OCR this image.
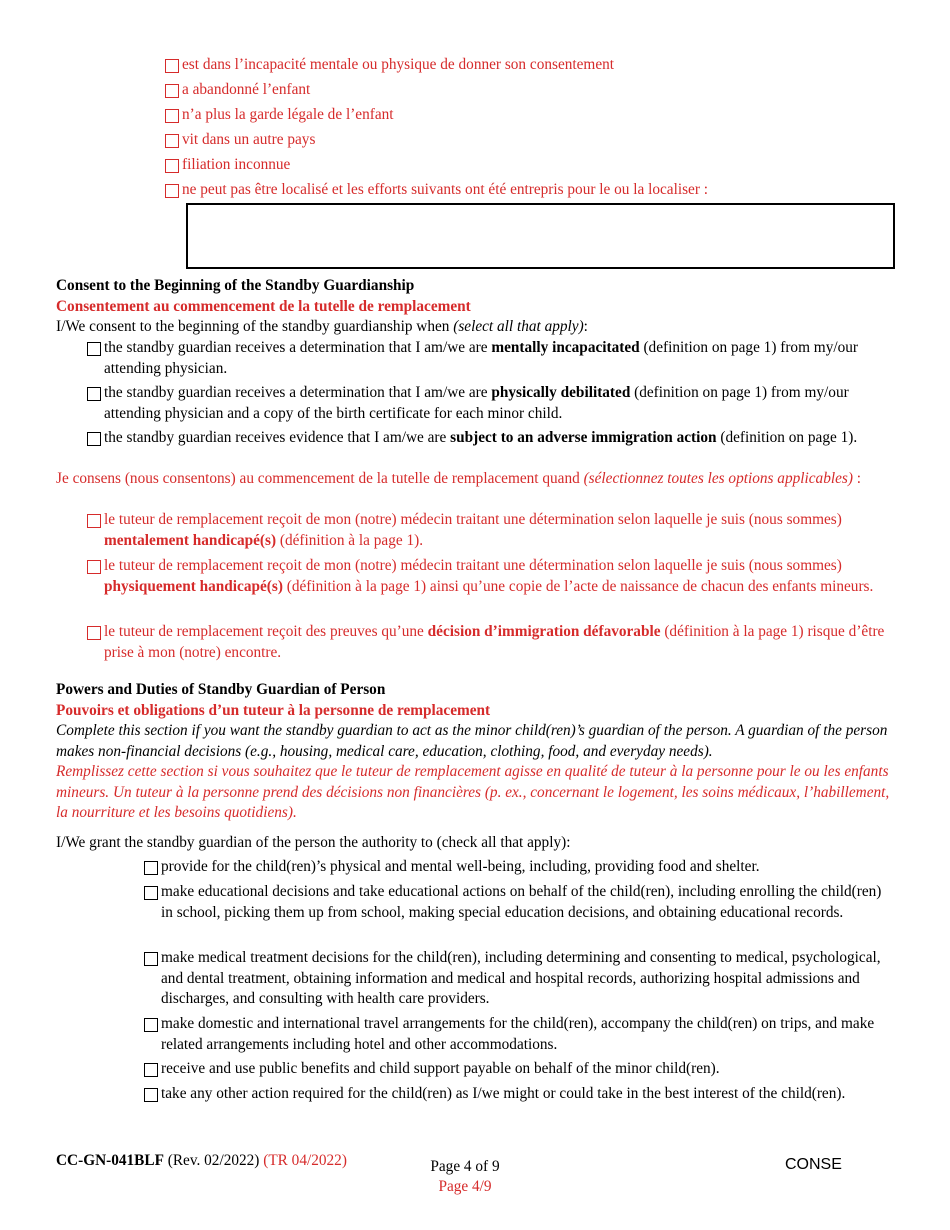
est dans l’incapacité mentale ou physique de donner son consentement
a abandonné l’enfant
n’a plus la garde légale de l’enfant
vit dans un autre pays
filiation inconnue
ne peut pas être localisé et les efforts suivants ont été entrepris pour le ou la localiser :
Consent to the Beginning of the Standby Guardianship
Consentement au commencement de la tutelle de remplacement
I/We consent to the beginning of the standby guardianship when (select all that apply):
the standby guardian receives a determination that I am/we are mentally incapacitated (definition on page 1) from my/our attending physician.
the standby guardian receives a determination that I am/we are physically debilitated (definition on page 1) from my/our attending physician and a copy of the birth certificate for each minor child.
the standby guardian receives evidence that I am/we are subject to an adverse immigration action (definition on page 1).
Je consens (nous consentons) au commencement de la tutelle de remplacement quand (sélectionnez toutes les options applicables) :
le tuteur de remplacement reçoit de mon (notre) médecin traitant une détermination selon laquelle je suis (nous sommes) mentalement handicapé(s) (définition à la page 1).
le tuteur de remplacement reçoit de mon (notre) médecin traitant une détermination selon laquelle je suis (nous sommes) physiquement handicapé(s) (définition à la page 1) ainsi qu’une copie de l’acte de naissance de chacun des enfants mineurs.
le tuteur de remplacement reçoit des preuves qu’une décision d’immigration défavorable (définition à la page 1) risque d’être prise à mon (notre) encontre.
Powers and Duties of Standby Guardian of Person
Pouvoirs et obligations d’un tuteur à la personne de remplacement
Complete this section if you want the standby guardian to act as the minor child(ren)’s guardian of the person. A guardian of the person makes non-financial decisions (e.g., housing, medical care, education, clothing, food, and everyday needs).
Remplissez cette section si vous souhaitez que le tuteur de remplacement agisse en qualité de tuteur à la personne pour le ou les enfants mineurs. Un tuteur à la personne prend des décisions non financières (p. ex., concernant le logement, les soins médicaux, l’habillement, la nourriture et les besoins quotidiens).
I/We grant the standby guardian of the person the authority to (check all that apply):
provide for the child(ren)’s physical and mental well-being, including, providing food and shelter.
make educational decisions and take educational actions on behalf of the child(ren), including enrolling the child(ren) in school, picking them up from school, making special education decisions, and obtaining educational records.
make medical treatment decisions for the child(ren), including determining and consenting to medical, psychological, and dental treatment, obtaining information and medical and hospital records, authorizing hospital admissions and discharges, and consulting with health care providers.
make domestic and international travel arrangements for the child(ren), accompany the child(ren) on trips, and make related arrangements including hotel and other accommodations.
receive and use public benefits and child support payable on behalf of the minor child(ren).
take any other action required for the child(ren) as I/we might or could take in the best interest of the child(ren).
CC-GN-041BLF (Rev. 02/2022) (TR 04/2022)	Page 4 of 9
Page 4/9
CONSE
